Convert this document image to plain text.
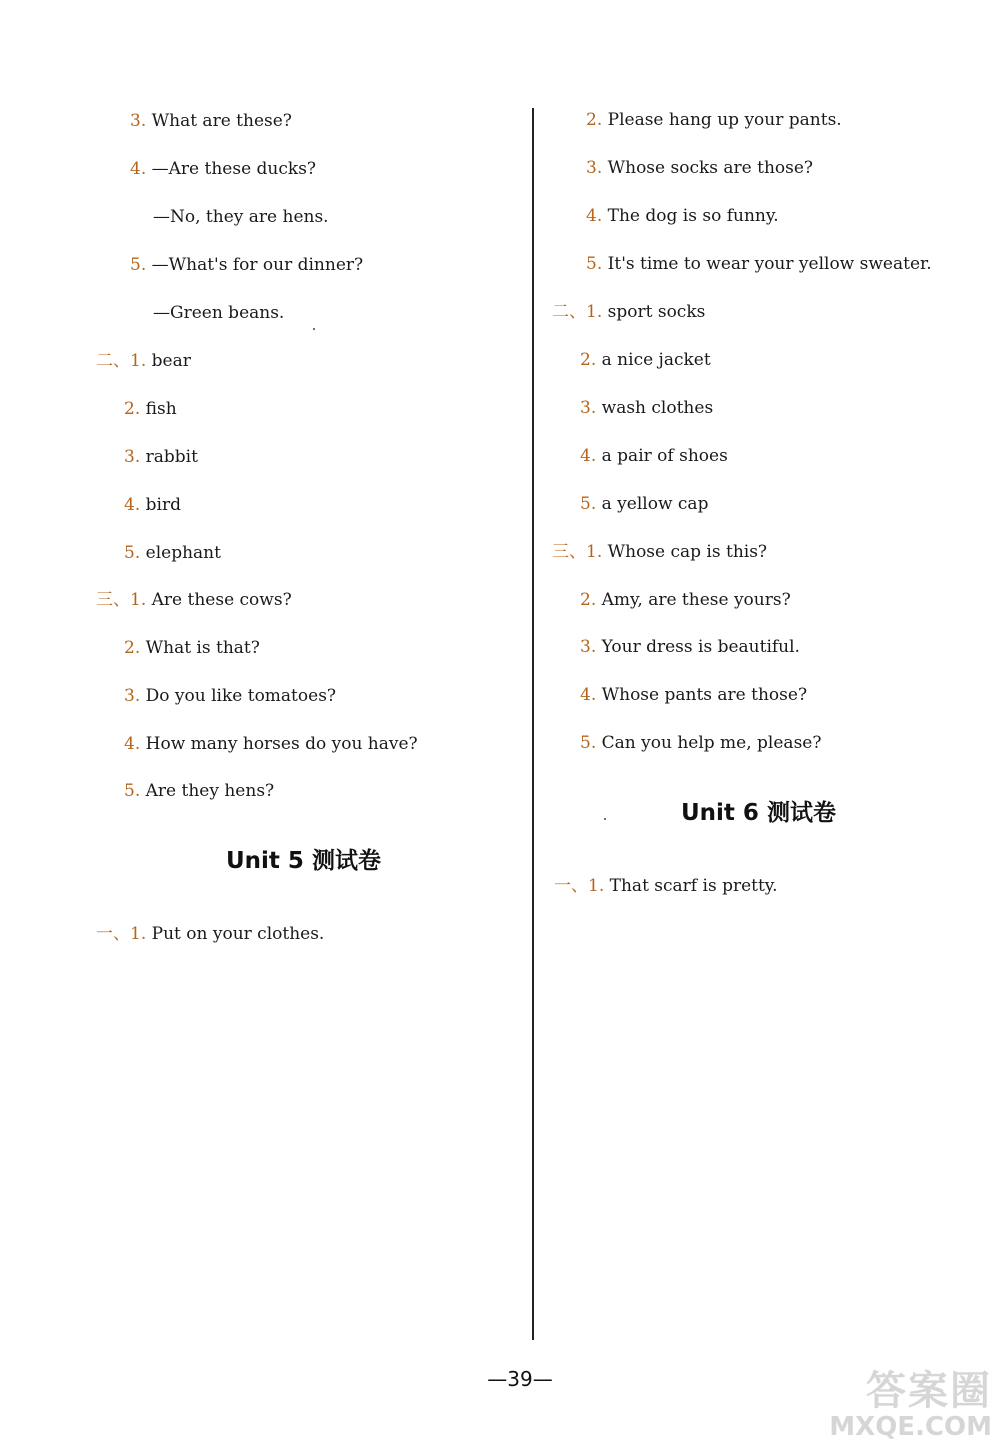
3. What are these?
4. —Are these ducks?
—No, they are hens.
5. —What's for our dinner?
—Green beans.
二、1. bear
2. fish
3. rabbit
4. bird
5. elephant
三、1. Are these cows?
2. What is that?
3. Do you like tomatoes?
4. How many horses do you have?
5. Are they hens?
Unit 5 测试卷
一、1. Put on your clothes.
2. Please hang up your pants.
3. Whose socks are those?
4. The dog is so funny.
5. It's time to wear your yellow sweater.
二、1. sport socks
2. a nice jacket
3. wash clothes
4. a pair of shoes
5. a yellow cap
三、1. Whose cap is this?
2. Amy, are these yours?
3. Your dress is beautiful.
4. Whose pants are those?
5. Can you help me, please?
Unit 6 测试卷
一、1. That scarf is pretty.
—39—	答案圈
MXQE.COM
